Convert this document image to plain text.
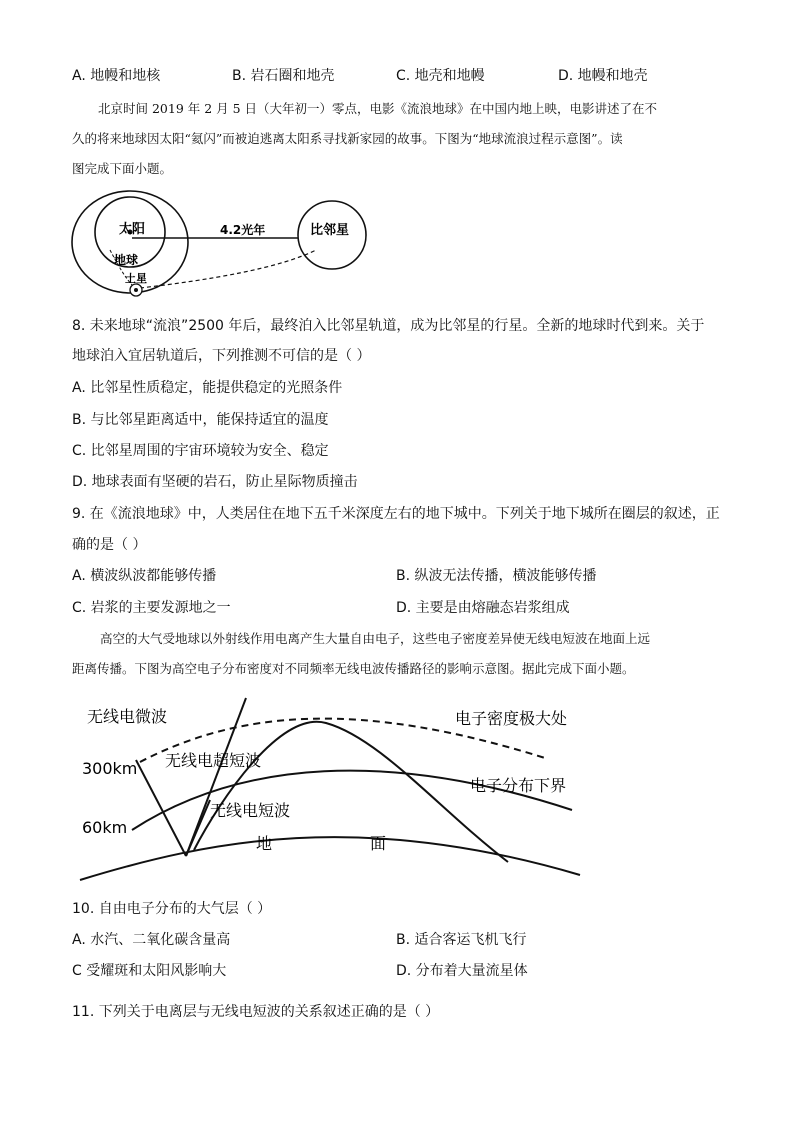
A. 地幔和地核	B. 岩石圈和地壳	C. 地壳和地幔	D. 地幔和地壳
北京时间 2019 年 2 月 5 日（大年初一）零点，电影《流浪地球》在中国内地上映，电影讲述了在不
久的将来地球因太阳“氦闪”而被迫逃离太阳系寻找新家园的故事。下图为“地球流浪过程示意图”。读
图完成下面小题。
太阳
地球
土星
4.2光年	比邻星
8. 未来地球“流浪”2500 年后，最终泊入比邻星轨道，成为比邻星的行星。全新的地球时代到来。关于
地球泊入宜居轨道后，下列推测不可信的是（ ）
A. 比邻星性质稳定，能提供稳定的光照条件
B. 与比邻星距离适中，能保持适宜的温度
C. 比邻星周围的宇宙环境较为安全、稳定
D. 地球表面有坚硬的岩石，防止星际物质撞击
9. 在《流浪地球》中，人类居住在地下五千米深度左右的地下城中。下列关于地下城所在圈层的叙述，正
确的是（ ）
A. 横波纵波都能够传播	B. 纵波无法传播，横波能够传播
C. 岩浆的主要发源地之一	D. 主要是由熔融态岩浆组成
高空的大气受地球以外射线作用电离产生大量自由电子，这些电子密度差异使无线电短波在地面上远
距离传播。下图为高空电子分布密度对不同频率无线电波传播路径的影响示意图。据此完成下面小题。
无线电微波	电子密度极大处
300km 无线电超短波
电子分布下界
无线电短波
60km
地	面
10. 自由电子分布的大气层（ ）
A. 水汽、二氧化碳含量高	B. 适合客运飞机飞行
C 受耀斑和太阳风影响大	D. 分布着大量流星体
11. 下列关于电离层与无线电短波的关系叙述正确的是（ ）
